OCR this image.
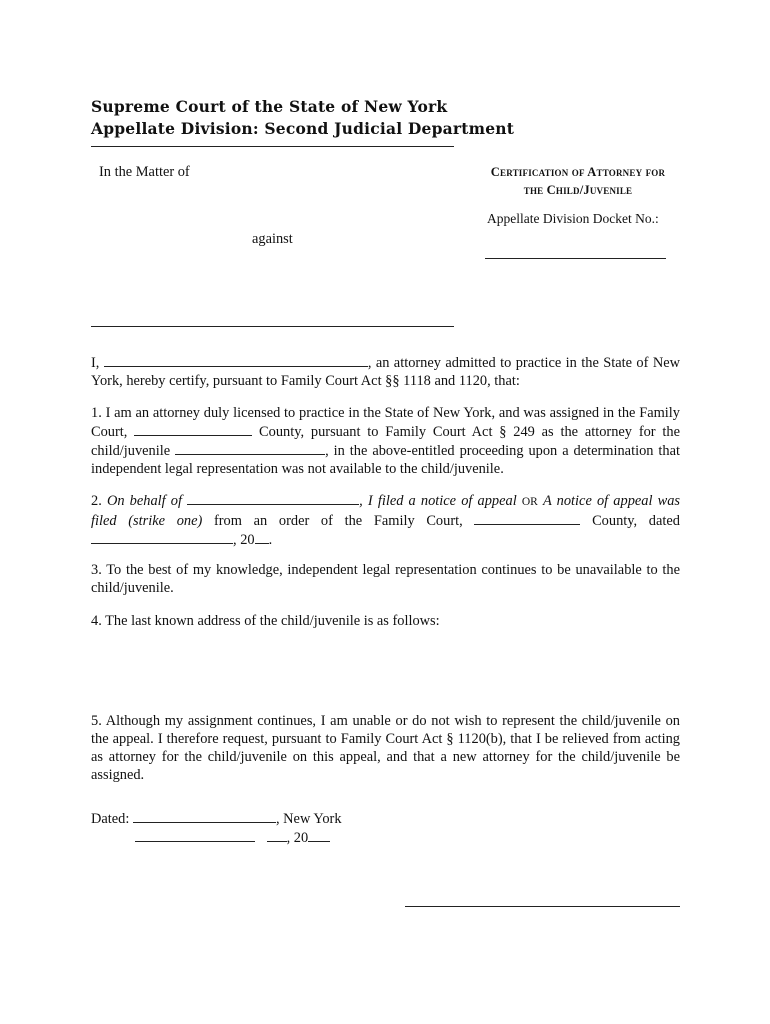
Supreme Court of the State of New York
Appellate Division: Second Judicial Department
In the Matter of	Certification of Attorney for
the Child/Juvenile
Appellate Division Docket No.:
against
I,	, an attorney admitted to practice in the State of New York, hereby certify, pursuant to Family Court Act §§ 1118 and 1120, that:
1. I am an attorney duly licensed to practice in the State of New York, and was assigned in the Family Court,	County, pursuant to Family Court Act § 249 as the attorney for the child/juvenile	, in the above-entitled proceeding upon a determination that independent legal representation was not available to the child/juvenile.
2. On behalf of	, I filed a notice of appeal OR A notice of appeal was filed (strike one) from an order of the Family Court,	County, dated , 20 .
3. To the best of my knowledge, independent legal representation continues to be unavailable to the child/juvenile.
4. The last known address of the child/juvenile is as follows:
5. Although my assignment continues, I am unable or do not wish to represent the child/juvenile on the appeal. I therefore request, pursuant to Family Court Act § 1120(b), that I be relieved from acting as attorney for the child/juvenile on this appeal, and that a new attorney for the child/juvenile be assigned.
Dated:	, New York
, 20
